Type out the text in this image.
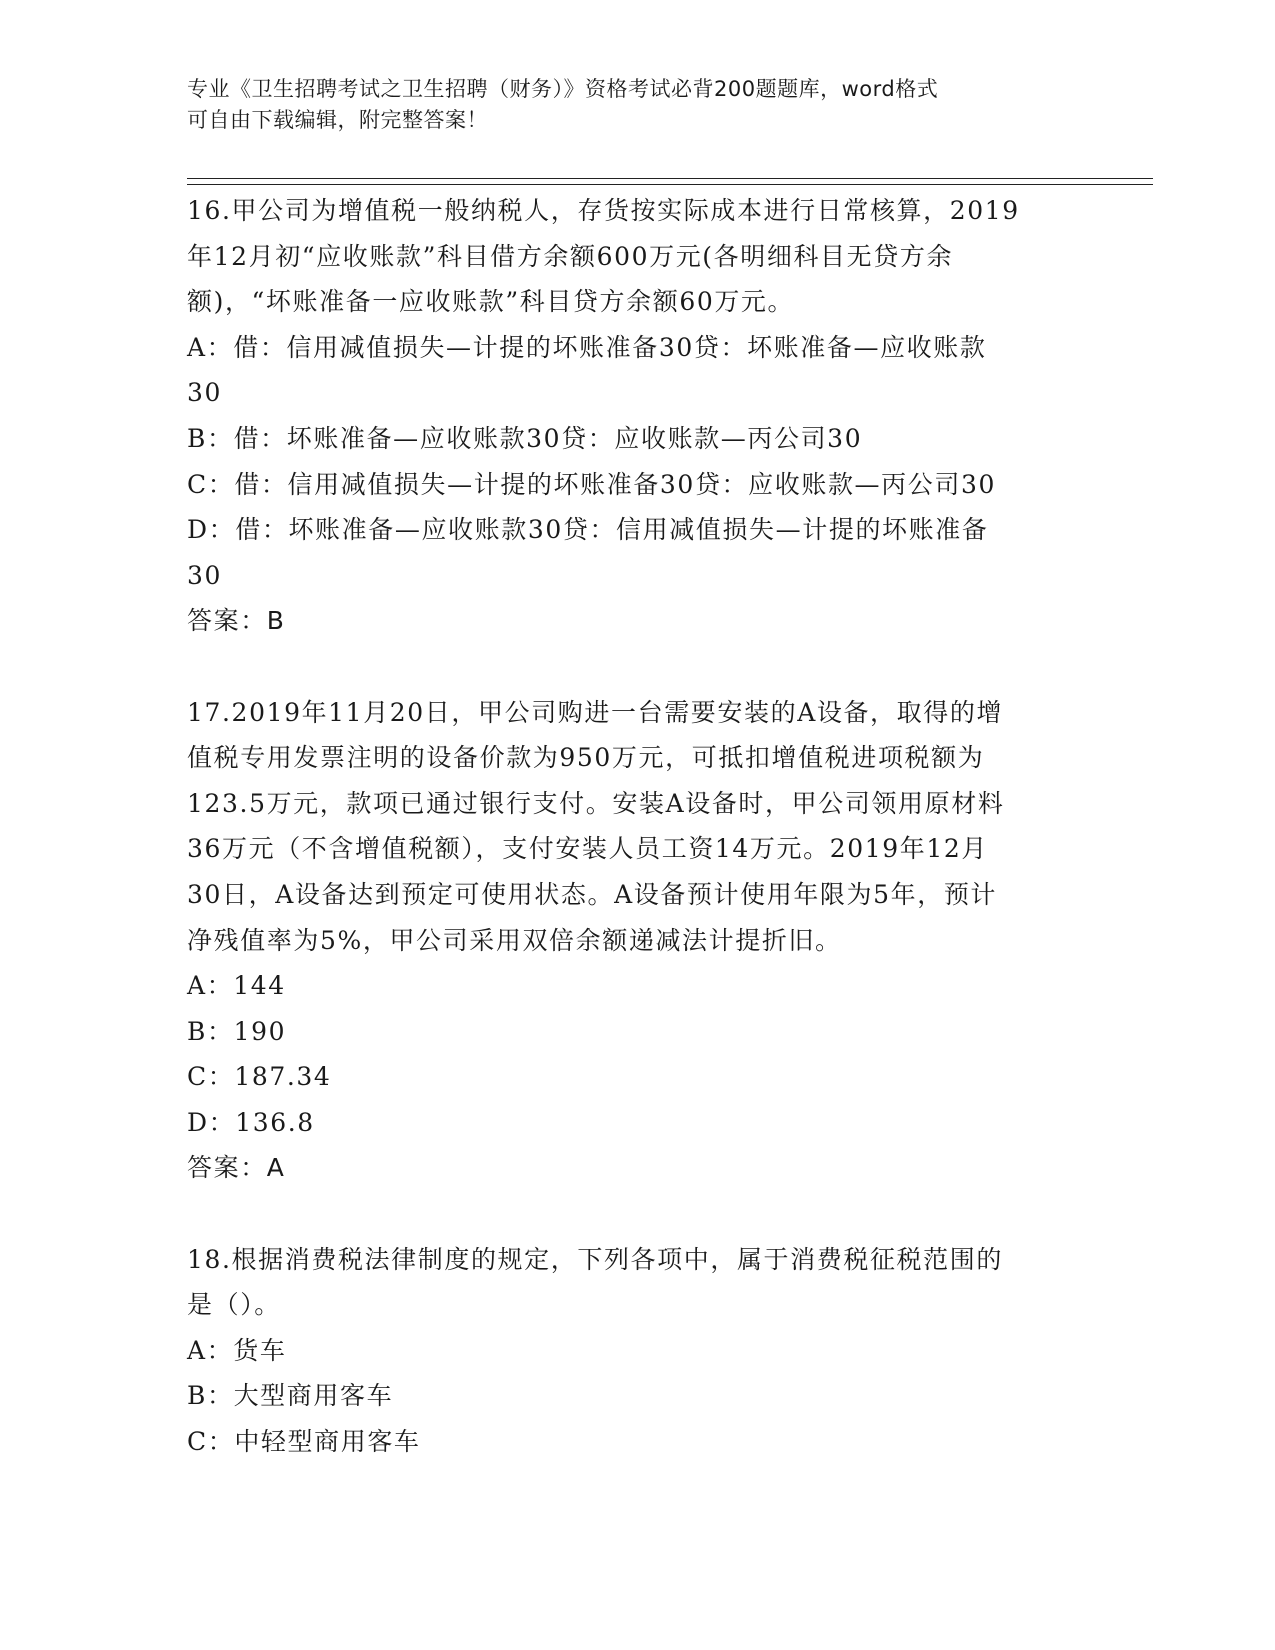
专业《卫生招聘考试之卫生招聘（财务）》资格考试必背200题题库，word格式
可自由下载编辑，附完整答案！
16.甲公司为增值税一般纳税人，存货按实际成本进行日常核算，2019
年12月初“应收账款”科目借方余额600万元(各明细科目无贷方余
额)，“坏账准备一应收账款”科目贷方余额60万元。
A：借：信用减值损失—计提的坏账准备30贷：坏账准备—应收账款
30
B：借：坏账准备—应收账款30贷：应收账款—丙公司30
C：借：信用减值损失—计提的坏账准备30贷：应收账款—丙公司30
D：借：坏账准备—应收账款30贷：信用减值损失—计提的坏账准备
30
答案：B
17.2019年11月20日，甲公司购进一台需要安装的A设备，取得的增
值税专用发票注明的设备价款为950万元，可抵扣增值税进项税额为
123.5万元，款项已通过银行支付。安装A设备时，甲公司领用原材料
36万元（不含增值税额），支付安装人员工资14万元。2019年12月
30日，A设备达到预定可使用状态。A设备预计使用年限为5年，预计
净残值率为5%，甲公司采用双倍余额递减法计提折旧。
A：144
B：190
C：187.34
D：136.8
答案：A
18.根据消费税法律制度的规定，下列各项中，属于消费税征税范围的
是（）。
A：货车
B：大型商用客车
C：中轻型商用客车
